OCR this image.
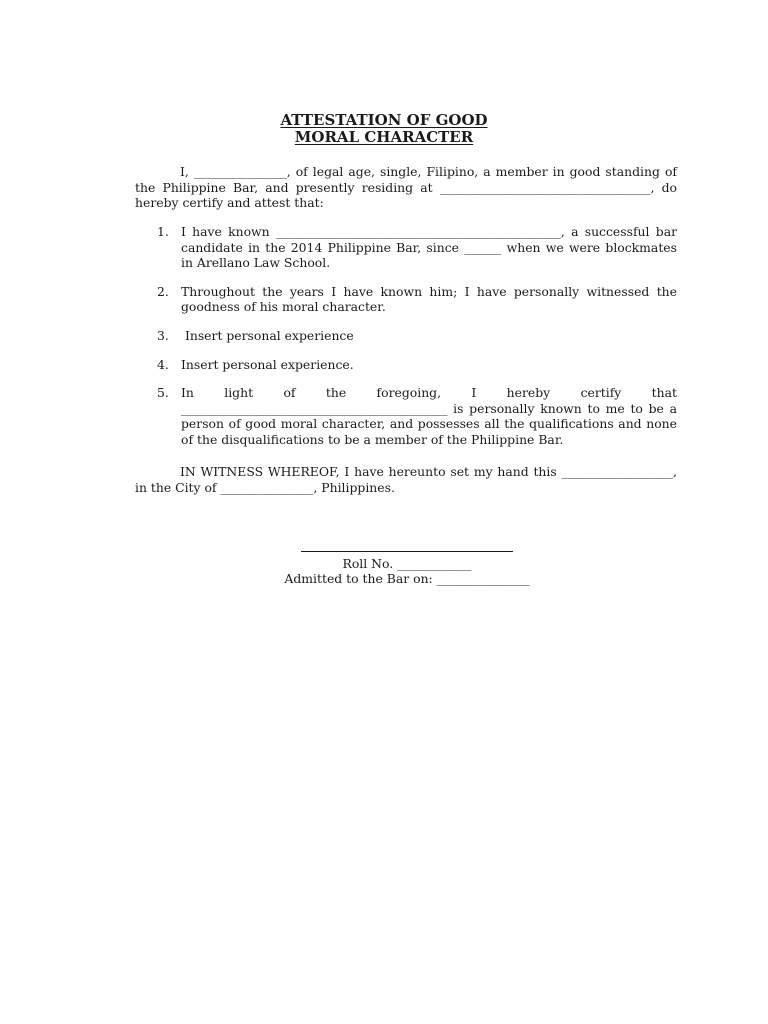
ATTESTATION OF GOOD
MORAL CHARACTER

I, _______________, of legal age, single, Filipino, a member in good standing of the Philippine Bar, and presently residing at __________________________________, do hereby certify and attest that:

1. I have known ______________________________________________, a successful bar candidate in the 2014 Philippine Bar, since ______ when we were blockmates in Arellano Law School.
2. Throughout the years I have known him; I have personally witnessed the goodness of his moral character.
3. Insert personal experience
4. Insert personal experience.
5. In light of the foregoing, I hereby certify that ___________________________________________ is personally known to me to be a person of good moral character, and possesses all the qualifications and none of the disqualifications to be a member of the Philippine Bar.

IN WITNESS WHEREOF, I have hereunto set my hand this __________________, in the City of _______________, Philippines.

Roll No. ____________
Admitted to the Bar on: _______________
